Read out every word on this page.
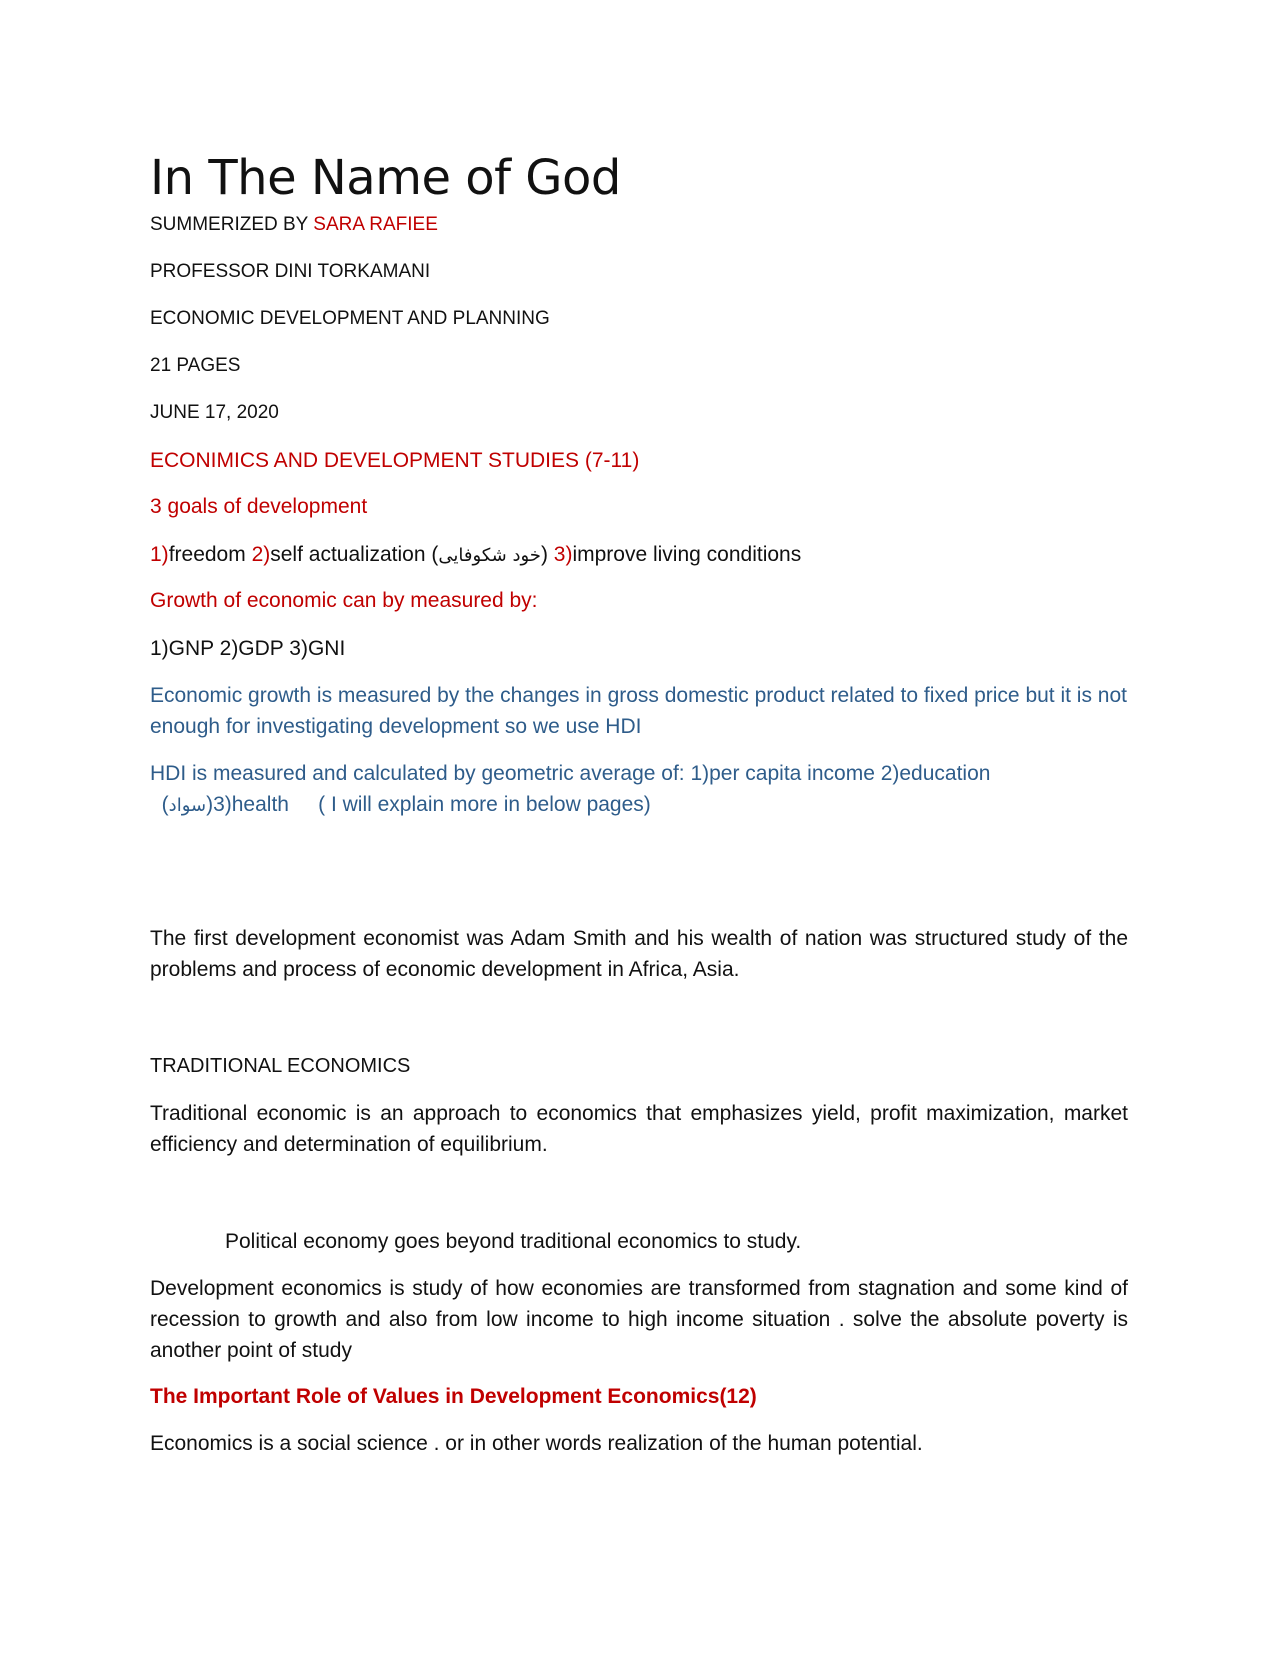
In The Name of God

SUMMERIZED BY SARA RAFIEE

PROFESSOR DINI TORKAMANI

ECONOMIC DEVELOPMENT AND PLANNING

21 PAGES

JUNE 17, 2020

ECONIMICS AND DEVELOPMENT STUDIES (7-11)

3 goals of development

1)freedom 2)self actualization (خود شکوفایی) 3)improve living conditions

Growth of economic can by measured by:

1)GNP 2)GDP 3)GNI

Economic growth is measured by the changes in gross domestic product related to fixed price but it is not enough for investigating development so we use HDI

HDI is measured and calculated by geometric average of: 1)per capita income 2)education
(سواد)3)health     ( I will explain more in below pages)

The first development economist was Adam Smith and his wealth of nation was structured study of the problems and process of economic development in Africa, Asia.

TRADITIONAL ECONOMICS

Traditional economic is an approach to economics that emphasizes yield, profit maximization, market efficiency and determination of equilibrium.

Political economy goes beyond traditional economics to study.

Development economics is study of how economies are transformed from stagnation and some kind of recession to growth and also from low income to high income situation . solve the absolute poverty is another point of study

The Important Role of Values in Development Economics(12)

Economics is a social science . or in other words realization of the human potential.
